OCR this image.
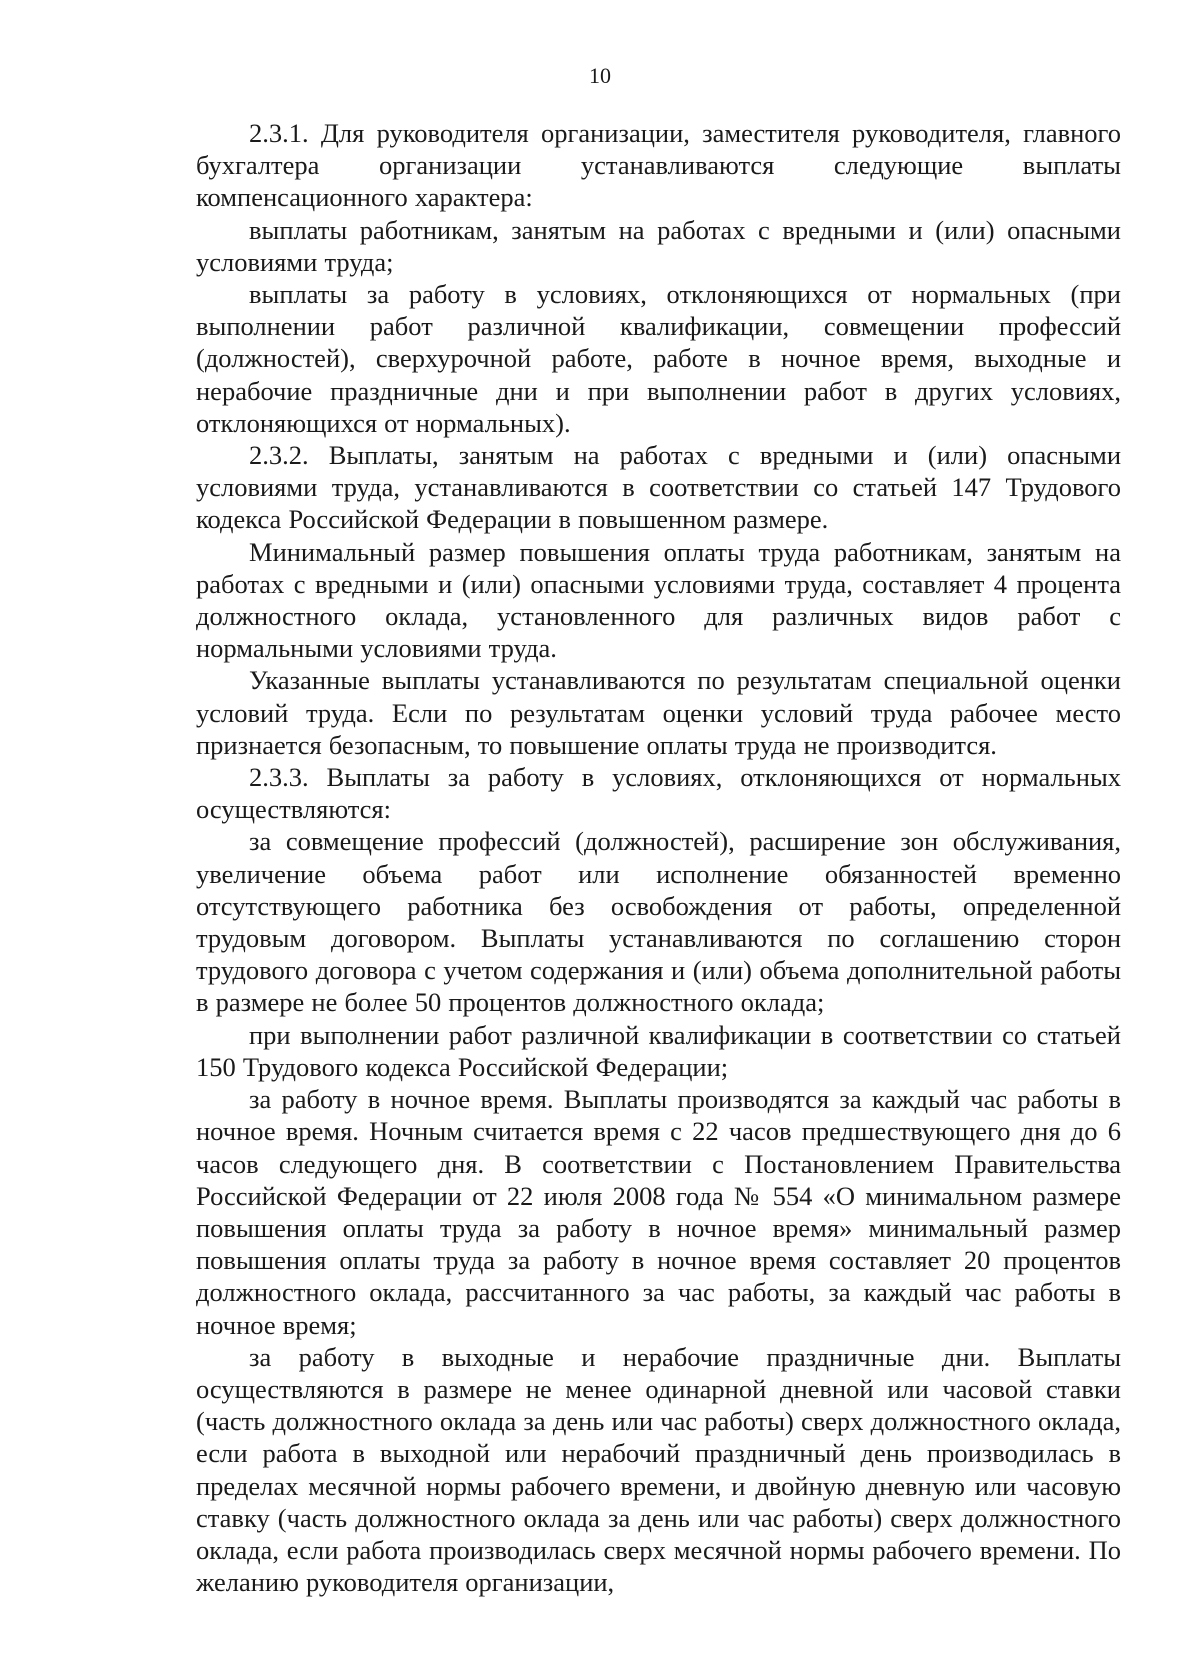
10

2.3.1. Для руководителя организации, заместителя руководителя, главного бухгалтера организации устанавливаются следующие выплаты компенсационного характера:

выплаты работникам, занятым на работах с вредными и (или) опасными условиями труда;

выплаты за работу в условиях, отклоняющихся от нормальных (при выполнении работ различной квалификации, совмещении профессий (должностей), сверхурочной работе, работе в ночное время, выходные и нерабочие праздничные дни и при выполнении работ в других условиях, отклоняющихся от нормальных).

2.3.2. Выплаты, занятым на работах с вредными и (или) опасными условиями труда, устанавливаются в соответствии со статьей 147 Трудового кодекса Российской Федерации в повышенном размере.

Минимальный размер повышения оплаты труда работникам, занятым на работах с вредными и (или) опасными условиями труда, составляет 4 процента должностного оклада, установленного для различных видов работ с нормальными условиями труда.

Указанные выплаты устанавливаются по результатам специальной оценки условий труда. Если по результатам оценки условий труда рабочее место признается безопасным, то повышение оплаты труда не производится.

2.3.3. Выплаты за работу в условиях, отклоняющихся от нормальных осуществляются:

за совмещение профессий (должностей), расширение зон обслуживания, увеличение объема работ или исполнение обязанностей временно отсутствующего работника без освобождения от работы, определенной трудовым договором. Выплаты устанавливаются по соглашению сторон трудового договора с учетом содержания и (или) объема дополнительной работы в размере не более 50 процентов должностного оклада;

при выполнении работ различной квалификации в соответствии со статьей 150 Трудового кодекса Российской Федерации;

за работу в ночное время. Выплаты производятся за каждый час работы в ночное время. Ночным считается время с 22 часов предшествующего дня до 6 часов следующего дня. В соответствии с Постановлением Правительства Российской Федерации от 22 июля 2008 года № 554 «О минимальном размере повышения оплаты труда за работу в ночное время» минимальный размер повышения оплаты труда за работу в ночное время составляет 20 процентов должностного оклада, рассчитанного за час работы, за каждый час работы в ночное время;

за работу в выходные и нерабочие праздничные дни. Выплаты осуществляются в размере не менее одинарной дневной или часовой ставки (часть должностного оклада за день или час работы) сверх должностного оклада, если работа в выходной или нерабочий праздничный день производилась в пределах месячной нормы рабочего времени, и двойную дневную или часовую ставку (часть должностного оклада за день или час работы) сверх должностного оклада, если работа производилась сверх месячной нормы рабочего времени. По желанию руководителя организации,
